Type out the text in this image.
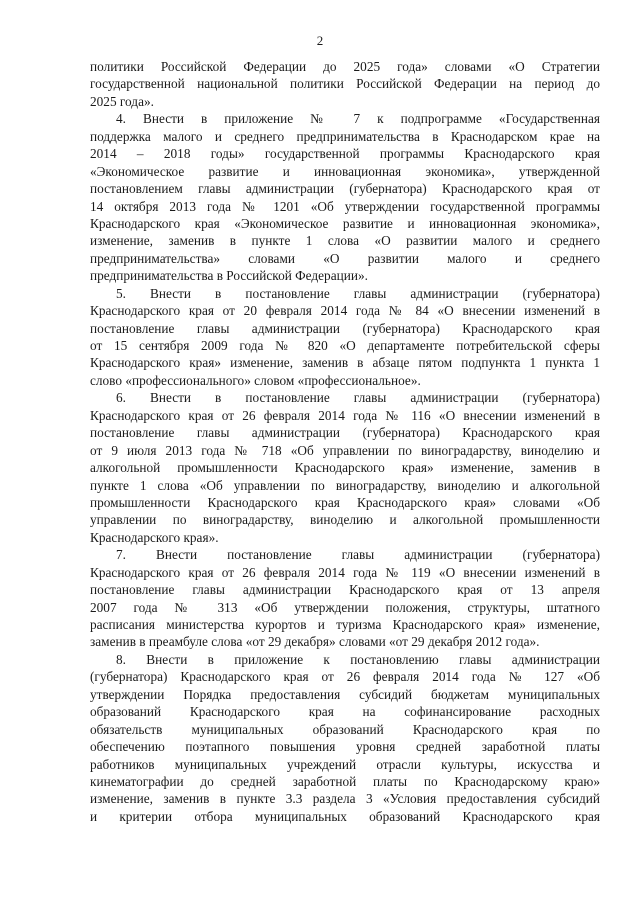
2
политики Российской Федерации до 2025 года» словами «О Стратегии
государственной национальной политики Российской Федерации на период до
2025 года».
4. Внести в приложение № 7 к подпрограмме «Государственная
поддержка малого и среднего предпринимательства в Краснодарском крае на
2014 – 2018 годы» государственной программы Краснодарского края
«Экономическое развитие и инновационная экономика», утвержденной
постановлением главы администрации (губернатора) Краснодарского края от
14 октября 2013 года № 1201 «Об утверждении государственной программы
Краснодарского края «Экономическое развитие и инновационная экономика»,
изменение, заменив в пункте 1 слова «О развитии малого и среднего
предпринимательства» словами «О развитии малого и среднего
предпринимательства в Российской Федерации».
5. Внести в постановление главы администрации (губернатора)
Краснодарского края от 20 февраля 2014 года № 84 «О внесении изменений в
постановление главы администрации (губернатора) Краснодарского края
от 15 сентября 2009 года № 820 «О департаменте потребительской сферы
Краснодарского края» изменение, заменив в абзаце пятом подпункта 1 пункта 1
слово «профессионального» словом «профессиональное».
6. Внести в постановление главы администрации (губернатора)
Краснодарского края от 26 февраля 2014 года № 116 «О внесении изменений в
постановление главы администрации (губернатора) Краснодарского края
от 9 июля 2013 года № 718 «Об управлении по виноградарству, виноделию и
алкогольной промышленности Краснодарского края» изменение, заменив в
пункте 1 слова «Об управлении по виноградарству, виноделию и алкогольной
промышленности Краснодарского края Краснодарского края» словами «Об
управлении по виноградарству, виноделию и алкогольной промышленности
Краснодарского края».
7. Внести постановление главы администрации (губернатора)
Краснодарского края от 26 февраля 2014 года № 119 «О внесении изменений в
постановление главы администрации Краснодарского края от 13 апреля
2007 года № 313 «Об утверждении положения, структуры, штатного
расписания министерства курортов и туризма Краснодарского края» изменение,
заменив в преамбуле слова «от 29 декабря» словами «от 29 декабря 2012 года».
8. Внести в приложение к постановлению главы администрации
(губернатора) Краснодарского края от 26 февраля 2014 года № 127 «Об
утверждении Порядка предоставления субсидий бюджетам муниципальных
образований Краснодарского края на софинансирование расходных
обязательств муниципальных образований Краснодарского края по
обеспечению поэтапного повышения уровня средней заработной платы
работников муниципальных учреждений отрасли культуры, искусства и
кинематографии до средней заработной платы по Краснодарскому краю»
изменение, заменив в пункте 3.3 раздела 3 «Условия предоставления субсидий
и критерии отбора муниципальных образований Краснодарского края
